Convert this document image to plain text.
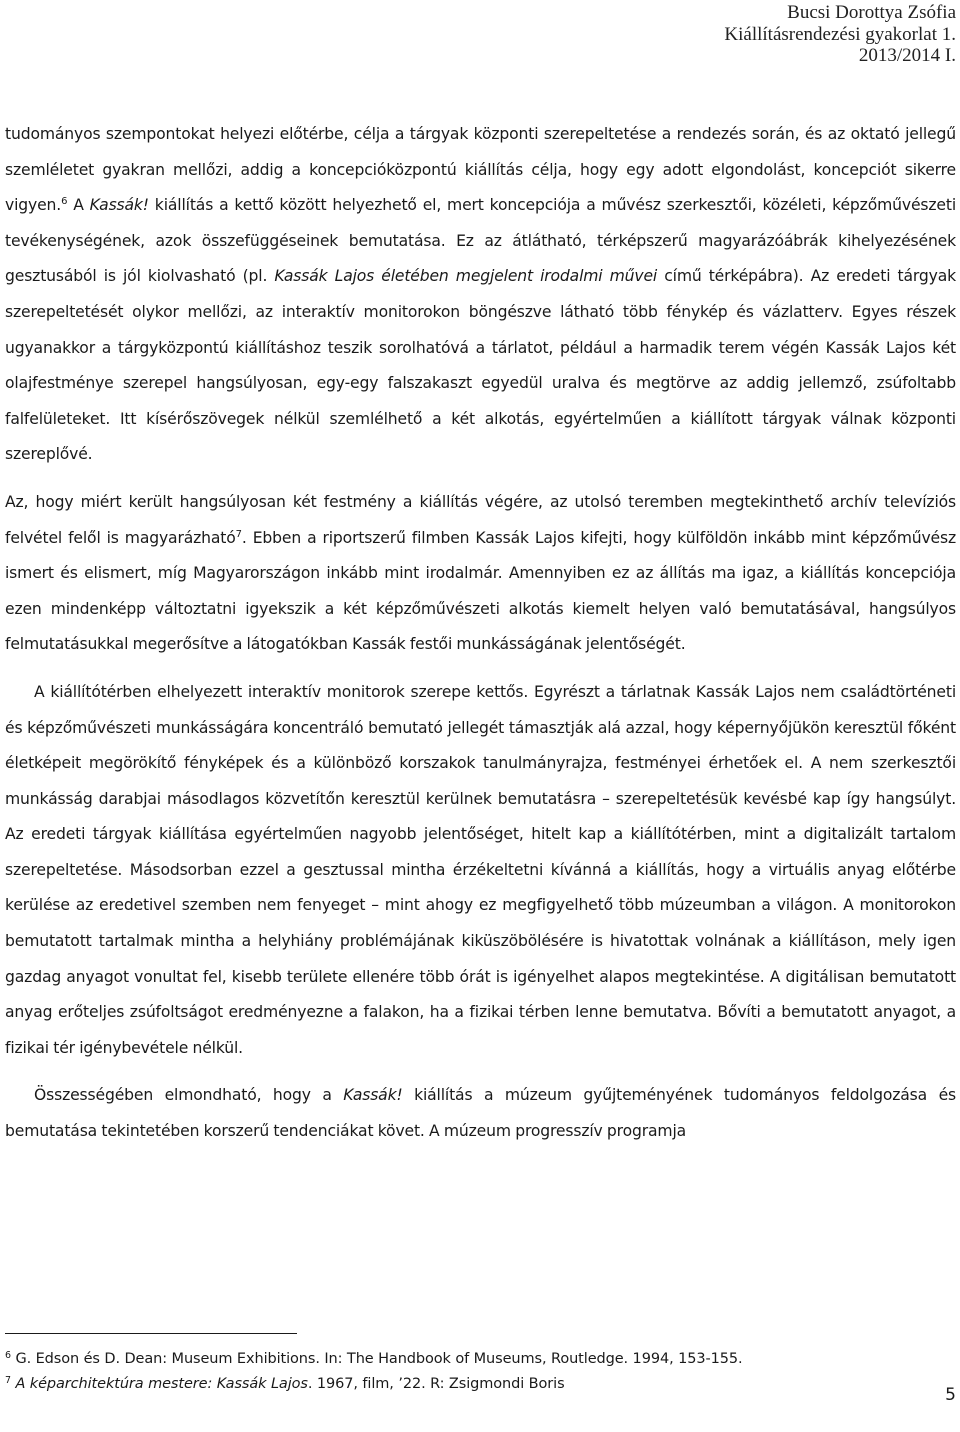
Bucsi Dorottya Zsófia
Kiállításrendezési gyakorlat 1.
2013/2014 I.

tudományos szempontokat helyezi előtérbe, célja a tárgyak központi szerepeltetése a rendezés során, és az oktató jellegű szemléletet gyakran mellőzi, addig a koncepcióközpontú kiállítás célja, hogy egy adott elgondolást, koncepciót sikerre vigyen.$^6$ A Kassák! kiállítás a kettő között helyezhető el, mert koncepciója a művész szerkesztői, közéleti, képzőművészeti tevékenységének, azok összefüggéseinek bemutatása. Ez az átlátható, térképszerű magyarázóábrák kihelyezésének gesztusából is jól kiolvasható (pl. Kassák Lajos életében megjelent irodalmi művei című térképábra). Az eredeti tárgyak szerepeltetését olykor mellőzi, az interaktív monitorokon böngészve látható több fénykép és vázlatterv. Egyes részek ugyanakkor a tárgyközpontú kiállításhoz teszik sorolhatóvá a tárlatot, például a harmadik terem végén Kassák Lajos két olajfestménye szerepel hangsúlyosan, egy-egy falszakaszt egyedül uralva és megtörve az addig jellemző, zsúfoltabb falfelületeket. Itt kísérőszövegek nélkül szemlélhető a két alkotás, egyértelműen a kiállított tárgyak válnak központi szereplővé.

Az, hogy miért került hangsúlyosan két festmény a kiállítás végére, az utolsó teremben megtekinthető archív televíziós felvétel felől is magyarázható$^7$. Ebben a riportszerű filmben Kassák Lajos kifejti, hogy külföldön inkább mint képzőművész ismert és elismert, míg Magyarországon inkább mint irodalmár. Amennyiben ez az állítás ma igaz, a kiállítás koncepciója ezen mindenképp változtatni igyekszik a két képzőművészeti alkotás kiemelt helyen való bemutatásával, hangsúlyos felmutatásukkal megerősítve a látogatókban Kassák festői munkásságának jelentőségét.

A kiállítótérben elhelyezett interaktív monitorok szerepe kettős. Egyrészt a tárlatnak Kassák Lajos nem családtörténeti és képzőművészeti munkásságára koncentráló bemutató jellegét támasztják alá azzal, hogy képernyőjükön keresztül főként életképeit megörökítő fényképek és a különböző korszakok tanulmányrajza, festményei érhetőek el. A nem szerkesztői munkásság darabjai másodlagos közvetítőn keresztül kerülnek bemutatásra – szerepeltetésük kevésbé kap így hangsúlyt. Az eredeti tárgyak kiállítása egyértelműen nagyobb jelentőséget, hitelt kap a kiállítótérben, mint a digitalizált tartalom szerepeltetése. Másodsorban ezzel a gesztussal mintha érzékeltetni kívánná a kiállítás, hogy a virtuális anyag előtérbe kerülése az eredetivel szemben nem fenyeget – mint ahogy ez megfigyelhető több múzeumban a világon. A monitorokon bemutatott tartalmak mintha a helyhiány problémájának kiküszöbölésére is hivatottak volnának a kiállításon, mely igen gazdag anyagot vonultat fel, kisebb területe ellenére több órát is igényelhet alapos megtekintése. A digitálisan bemutatott anyag erőteljes zsúfoltságot eredményezne a falakon, ha a fizikai térben lenne bemutatva. Bővíti a bemutatott anyagot, a fizikai tér igénybevétele nélkül.

Összességében elmondható, hogy a Kassák! kiállítás a múzeum gyűjteményének tudományos feldolgozása és bemutatása tekintetében korszerű tendenciákat követ. A múzeum progresszív programja

$^6$ G. Edson és D. Dean: Museum Exhibitions. In: The Handbook of Museums, Routledge. 1994, 153-155.
$^7$ A képarchitektúra mestere: Kassák Lajos. 1967, film, ’22. R: Zsigmondi Boris
5
